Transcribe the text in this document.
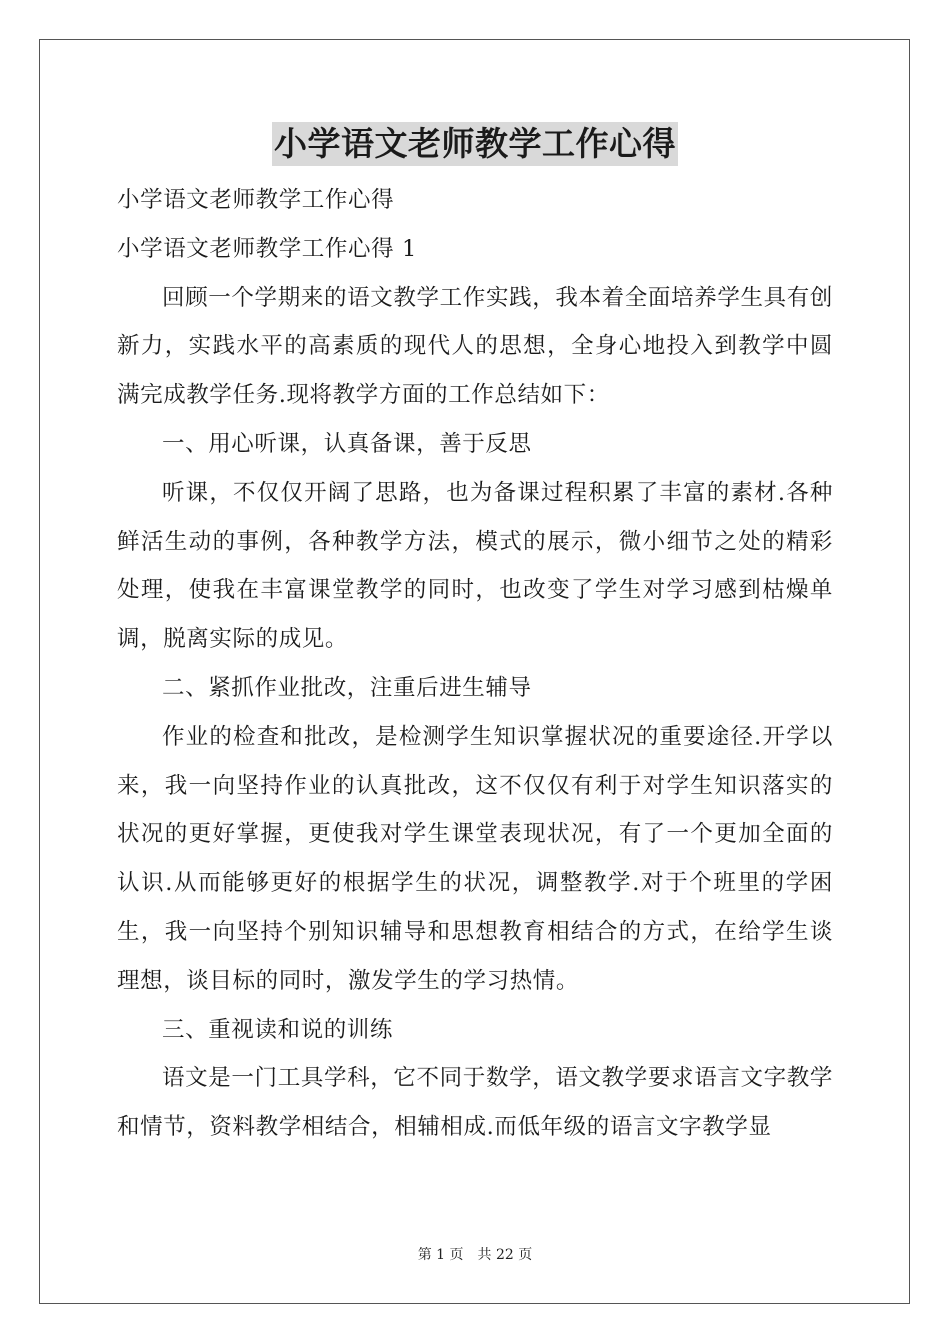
小学语文老师教学工作心得
小学语文老师教学工作心得
小学语文老师教学工作心得 1

回顾一个学期来的语文教学工作实践，我本着全面培养学生具有创新力，实践水平的高素质的现代人的思想，全身心地投入到教学中圆满完成教学任务.现将教学方面的工作总结如下：

一、用心听课，认真备课，善于反思

听课，不仅仅开阔了思路，也为备课过程积累了丰富的素材.各种鲜活生动的事例，各种教学方法，模式的展示，微小细节之处的精彩处理，使我在丰富课堂教学的同时，也改变了学生对学习感到枯燥单调，脱离实际的成见。

二、紧抓作业批改，注重后进生辅导

作业的检查和批改，是检测学生知识掌握状况的重要途径.开学以来，我一向坚持作业的认真批改，这不仅仅有利于对学生知识落实的状况的更好掌握，更使我对学生课堂表现状况，有了一个更加全面的认识.从而能够更好的根据学生的状况，调整教学.对于个班里的学困生，我一向坚持个别知识辅导和思想教育相结合的方式，在给学生谈理想，谈目标的同时，激发学生的学习热情。

三、重视读和说的训练

语文是一门工具学科，它不同于数学，语文教学要求语言文字教学和情节，资料教学相结合，相辅相成.而低年级的语言文字教学显

第 1 页　共 22 页
